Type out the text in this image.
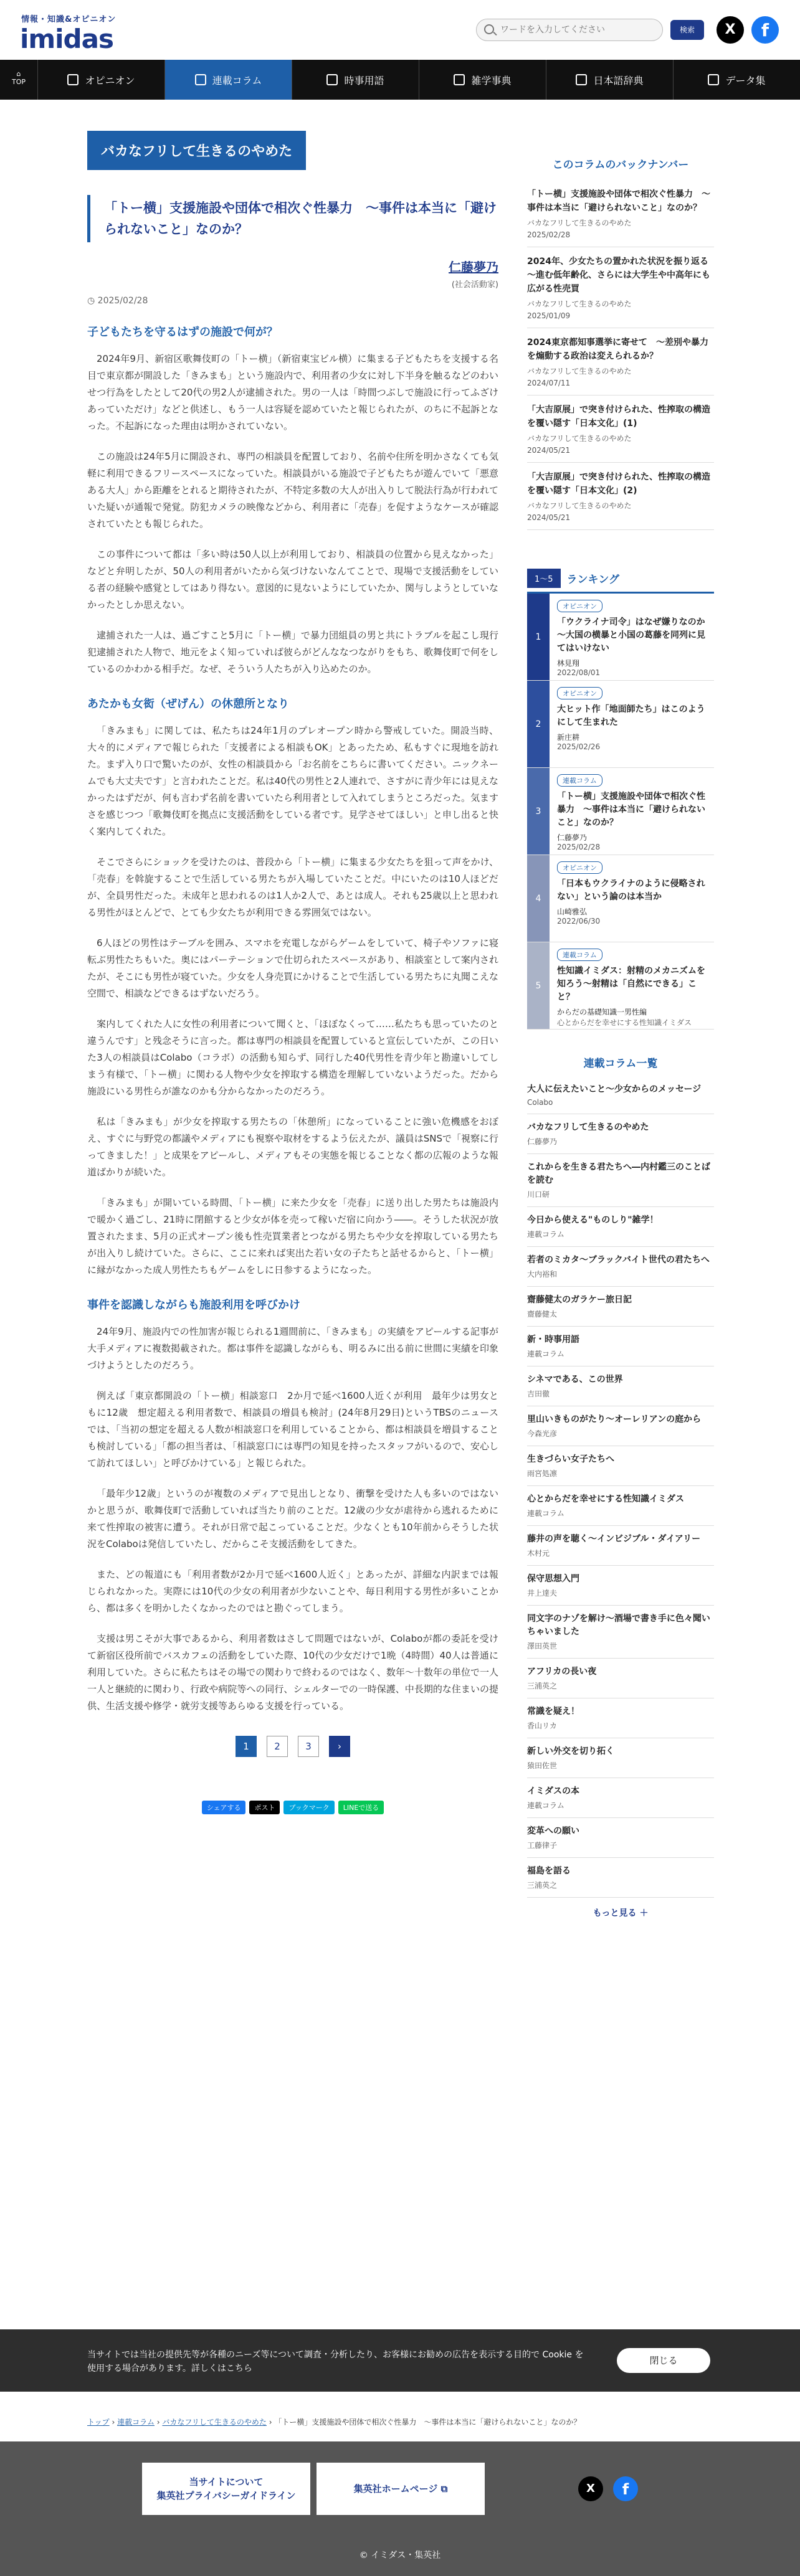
情報・知識&オピニオン
imidas
ワードを入力してください	検索	X	f
⌂
TOP	オピニオン	連載コラム	時事用語	雑学事典	日本語辞典	データ集
バカなフリして生きるのやめた
「トー横」支援施設や団体で相次ぐ性暴力　～事件は本当に「避けられないこと」なのか？
仁藤夢乃
(社会活動家)
◷ 2025/02/28
子どもたちを守るはずの施設で何が？

2024年9月、新宿区歌舞伎町の「トー横」（新宿東宝ビル横）に集まる子どもたちを支援する名目で東京都が開設した「きみまも」という施設内で、利用者の少女に対し下半身を触るなどのわいせつ行為をしたとして20代の男2人が逮捕された。男の一人は「時間つぶしで施設に行ってふざけあっていただけ」などと供述し、もう一人は容疑を認めていたと報じられたが、のちに不起訴となった。不起訴になった理由は明かされていない。

この施設は24年5月に開設され、専門の相談員を配置しており、名前や住所を明かさなくても気軽に利用できるフリースペースになっていた。相談員がいる施設で子どもたちが遊んでいて「悪意ある大人」から距離をとれると期待されたが、不特定多数の大人が出入りして脱法行為が行われていた疑いが通報で発覚。防犯カメラの映像などから、利用者に「売春」を促すようなケースが確認されていたとも報じられた。

この事件について都は「多い時は50人以上が利用しており、相談員の位置から見えなかった」などと弁明したが、50人の利用者がいたから気づけないなんてことで、現場で支援活動をしている者の経験や感覚としてはあり得ない。意図的に見ないようにしていたか、関与しようとしていなかったとしか思えない。

逮捕された一人は、過ごすこと5月に「トー横」で暴力団組員の男と共にトラブルを起こし現行犯逮捕された人物で、地元をよく知っていれば彼らがどんななつながりをもち、歌舞伎町で何をしているのかわかる相手だ。なぜ、そういう人たちが入り込めたのか。

あたかも女衒（ぜげん）の休憩所となり

「きみまも」に関しては、私たちは24年1月のプレオープン時から警戒していた。開設当時、大々的にメディアで報じられた「支援者による相談もOK」とあったため、私もすぐに現地を訪れた。まず入り口で驚いたのが、女性の相談員から「お名前をこちらに書いてください。ニックネームでも大丈夫です」と言われたことだ。私は40代の男性と2人連れで、さすがに青少年には見えなかったはずだが、何も言わず名前を書いていたら利用者として入れてしまうところだった。気ますさを感じつつ「歌舞伎町を拠点に支援活動をしている者です。見学させてほしい」と申し出ると快く案内してくれた。

そこでさらにショックを受けたのは、普段から「トー横」に集まる少女たちを狙って声をかけ、「売春」を斡旋することで生活している男たちが入場していたことだ。中にいたのは10人ほどだが、全員男性だった。未成年と思われるのは1人か2人で、あとは成人。それも25歳以上と思われる男性がほとんどで、とても少女たちが利用できる雰囲気ではない。

6人ほどの男性はテーブルを囲み、スマホを充電しながらゲームをしていて、椅子やソファに寝転ぶ男性たちもいた。奥にはパーテーションで仕切られたスペースがあり、相談室として案内されたが、そこにも男性が寝ていた。少女を人身売買にかけることで生活している男たちに丸聞こえな空間で、相談などできるはずないだろう。

案内してくれた人に女性の利用者について聞くと、「ほぼなくって……私たちも思っていたのと違うんです」と残念そうに言った。都は専門の相談員を配置していると宣伝していたが、この日いた3人の相談員はColabo（コラボ）の活動も知らず、同行した40代男性を青少年と勘違いしてしまう有様で、「トー横」に関わる人物や少女を搾取する構造を理解していないようだった。だから施設にいる男性らが誰なのかも分からなかったのだろう。

私は「きみまも」が少女を搾取する男たちの「休憩所」になっていることに強い危機感をおぼえ、すぐに与野党の都議やメディアにも視察や取材をするよう伝えたが、議員はSNSで「視察に行ってきました！」と成果をアピールし、メディアもその実態を報じることなく都の広報のような報道ばかりが続いた。

「きみまも」が開いている時間、「トー横」に来た少女を「売春」に送り出した男たちは施設内で暖かく過ごし、21時に閉館すると少女が体を売って稼いだ宿に向かう――。そうした状況が放置されたまま、5月の正式オープン後も性売買業者とつながる男たちや少女を搾取している男たちが出入りし続けていた。さらに、ここに来れば実出た若い女の子たちと話せるからと、「トー横」に縁がなかった成人男性たちもゲームをしに日参するようになった。

事件を認識しながらも施設利用を呼びかけ

24年9月、施設内での性加害が報じられる1週間前に、「きみまも」の実績をアピールする記事が大手メディアに複数掲載された。都は事件を認識しながらも、明るみに出る前に世間に実績を印象づけようとしたのだろう。

例えば「東京都開設の「トー横」相談窓口　2か月で延べ1600人近くが利用　最年少は男女ともに12歳　想定超える利用者数で、相談員の増員も検討」(24年8月29日)というTBSのニュースでは、「当初の想定を超える人数が相談窓口を利用していることから、都は相談員を増員することも検討している」「都の担当者は、「相談窓口には専門の知見を持ったスタッフがいるので、安心して訪れてほしい」と呼びかけている」と報じられた。

「最年少12歳」というのが複数のメディアで見出しとなり、衝撃を受けた人も多いのではないかと思うが、歌舞伎町で活動していれば当たり前のことだ。12歳の少女が虐待から逃れるために来て性搾取の被害に遭う。それが日常で起こっていることだ。少なくとも10年前からそうした状況をColaboは発信していたし、だからこそ支援活動をしてきた。

また、どの報道にも「利用者数が2か月で延べ1600人近く」とあったが、詳細な内訳までは報じられなかった。実際には10代の少女の利用者が少ないことや、毎日利用する男性が多いことから、都は多くを明かしたくなかったのではと勘ぐってしまう。

支援は男こそが大事であるから、利用者数はさして問題ではないが、Colaboが都の委託を受けて新宿区役所前でバスカフェの活動をしていた際、10代の少女だけで1晩（4時間）40人は普通に利用していた。さらに私たちはその場での関わりで終わるのではなく、数年～十数年の単位で一人一人と継続的に関わり、行政や病院等への同行、シェルターでの一時保護、中長期的な住まいの提供、生活支援や修学・就労支援等あらゆる支援を行っている。

1	2	3	›
シェアする	ポスト	ブックマーク	LINEで送る
このコラムのバックナンバー
「トー横」支援施設や団体で相次ぐ性暴力　～事件は本当に「避けられないこと」なのか？
バカなフリして生きるのやめた
2025/02/28
2024年、少女たちの置かれた状況を振り返る　～進む低年齢化、さらには大学生や中高年にも広がる性売買
バカなフリして生きるのやめた
2025/01/09
2024東京都知事選挙に寄せて　～差別や暴力を煽動する政治は変えられるか？
バカなフリして生きるのやめた
2024/07/11
「大吉原展」で突き付けられた、性搾取の構造を覆い隠す「日本文化」(1)
バカなフリして生きるのやめた
2024/05/21
「大吉原展」で突き付けられた、性搾取の構造を覆い隠す「日本文化」(2)
バカなフリして生きるのやめた
2024/05/21
1〜5	ランキング
1
オピニオン
「ウクライナ司令」はなぜ嫌りなのか～大国の横暴と小国の葛藤を同列に見てはいけない
林見翔
2022/08/01
2
オピニオン
大ヒット作「地面師たち」はこのようにして生まれた
新庄耕
2025/02/26
3
連載コラム
「トー横」支援施設や団体で相次ぐ性暴力　～事件は本当に「避けられないこと」なのか？
仁藤夢乃
2025/02/28
4
オピニオン
「日本もウクライナのように侵略されない」という論のは本当か
山崎雅弘
2022/06/30
5
連載コラム
性知識イミダス：射精のメカニズムを知ろう～射精は「自然にできる」こと？
からだの基礎知識一男性編
心とからだを幸せにする性知識イミダス
連載コラム一覧
大人に伝えたいこと～少女からのメッセージ
Colabo
バカなフリして生きるのやめた
仁藤夢乃
これからを生きる君たちへ―内村鑑三のことばを読む
川口研
今日から使える"ものしり"雑学！
連載コラム
若者のミカタ～ブラックバイト世代の君たちへ
大内裕和
齋藤健太のガラケー旅日記
齋藤健太
新・時事用語
連載コラム
シネマである、この世界
吉田徹
里山いきものがたり～オーレリアンの庭から
今森光彦
生きづらい女子たちへ
雨宮処凛
心とからだを幸せにする性知識イミダス
連載コラム
藤井の声を聴く～インビジブル・ダイアリー
木村元
保守思想入門
井上達夫
同文字のナゾを解け～酒場で書き手に色々聞いちゃいました
澤田英世
アフリカの長い夜
三浦英之
常識を疑え！
香山リカ
新しい外交を切り拓く
猿田佐世
イミダスの本
連載コラム
変革への願い
工藤律子
福島を語る
三浦英之
もっと見る ＋

当サイトでは当社の提供先等が各種のニーズ等について調査・分析したり、お客様にお勧めの広告を表示する目的で Cookie を使用する場合があります。詳しくはこちら

閉じる
トップ › 連載コラム › バカなフリして生きるのやめた › 「トー横」支援施設や団体で相次ぐ性暴力　～事件は本当に「避けられないこと」なのか？
当サイトについて
集英社プライバシーガイドライン
集英社ホームページ
⧉	X	f
© イミダス・集英社
